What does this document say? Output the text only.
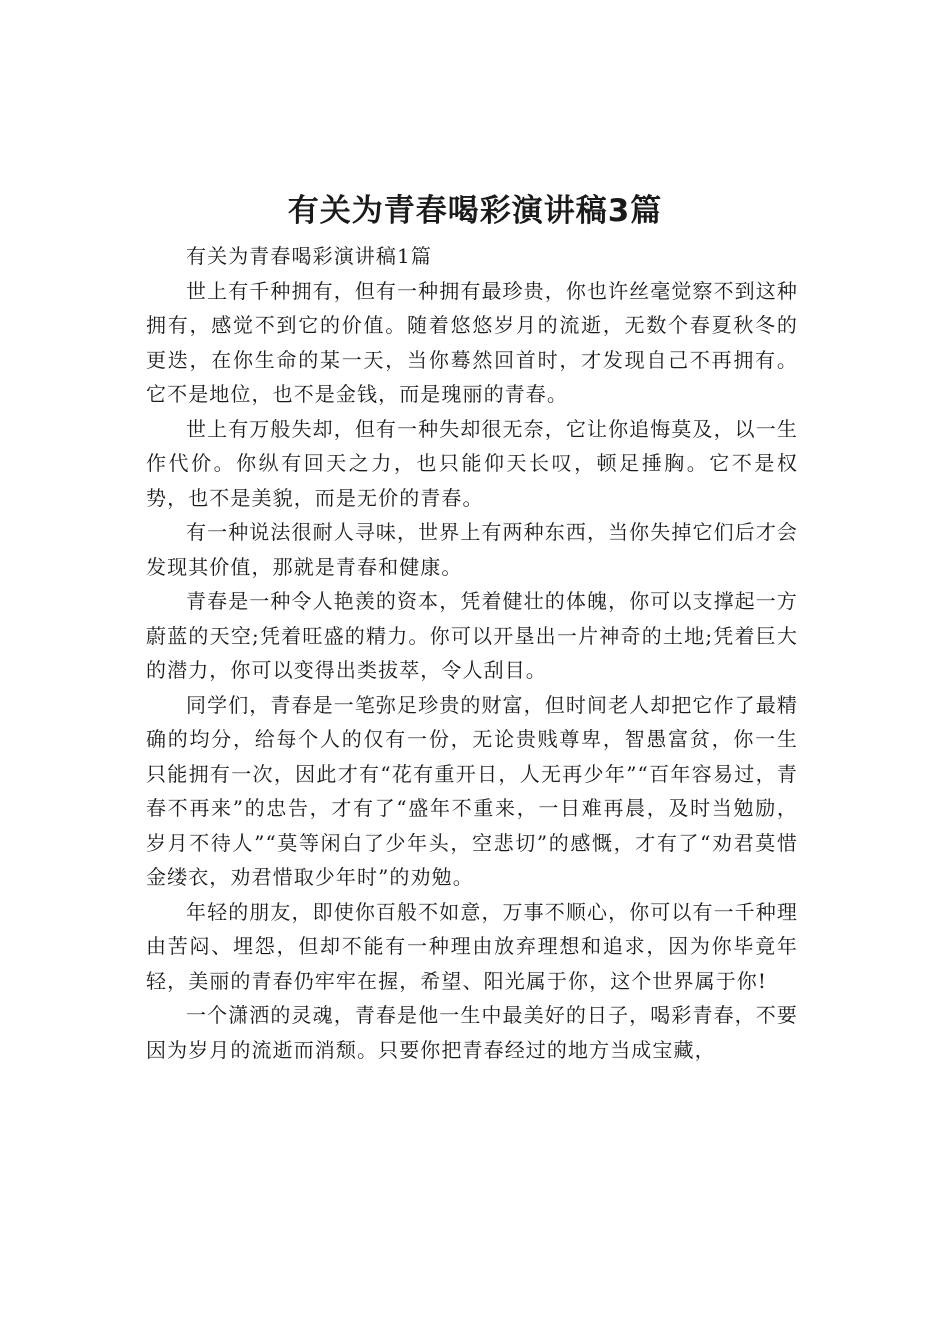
有关为青春喝彩演讲稿3篇

有关为青春喝彩演讲稿1篇

世上有千种拥有，但有一种拥有最珍贵，你也许丝毫觉察不到这种拥有，感觉不到它的价值。随着悠悠岁月的流逝，无数个春夏秋冬的更迭，在你生命的某一天，当你蓦然回首时，才发现自己不再拥有。它不是地位，也不是金钱，而是瑰丽的青春。

世上有万般失却，但有一种失却很无奈，它让你追悔莫及，以一生作代价。你纵有回天之力，也只能仰天长叹，顿足捶胸。它不是权势，也不是美貌，而是无价的青春。

有一种说法很耐人寻味，世界上有两种东西，当你失掉它们后才会发现其价值，那就是青春和健康。

青春是一种令人艳羡的资本，凭着健壮的体魄，你可以支撑起一方蔚蓝的天空;凭着旺盛的精力。你可以开垦出一片神奇的土地;凭着巨大的潜力，你可以变得出类拔萃，令人刮目。

同学们，青春是一笔弥足珍贵的财富，但时间老人却把它作了最精确的均分，给每个人的仅有一份，无论贵贱尊卑，智愚富贫，你一生只能拥有一次，因此才有“花有重开日，人无再少年”“百年容易过，青春不再来”的忠告，才有了“盛年不重来，一日难再晨，及时当勉励，岁月不待人”“莫等闲白了少年头，空悲切”的感慨，才有了“劝君莫惜金缕衣，劝君惜取少年时”的劝勉。

年轻的朋友，即使你百般不如意，万事不顺心，你可以有一千种理由苦闷、埋怨，但却不能有一种理由放弃理想和追求，因为你毕竟年轻，美丽的青春仍牢牢在握，希望、阳光属于你，这个世界属于你!

一个潇洒的灵魂，青春是他一生中最美好的日子，喝彩青春，不要因为岁月的流逝而消颓。只要你把青春经过的地方当成宝藏，
